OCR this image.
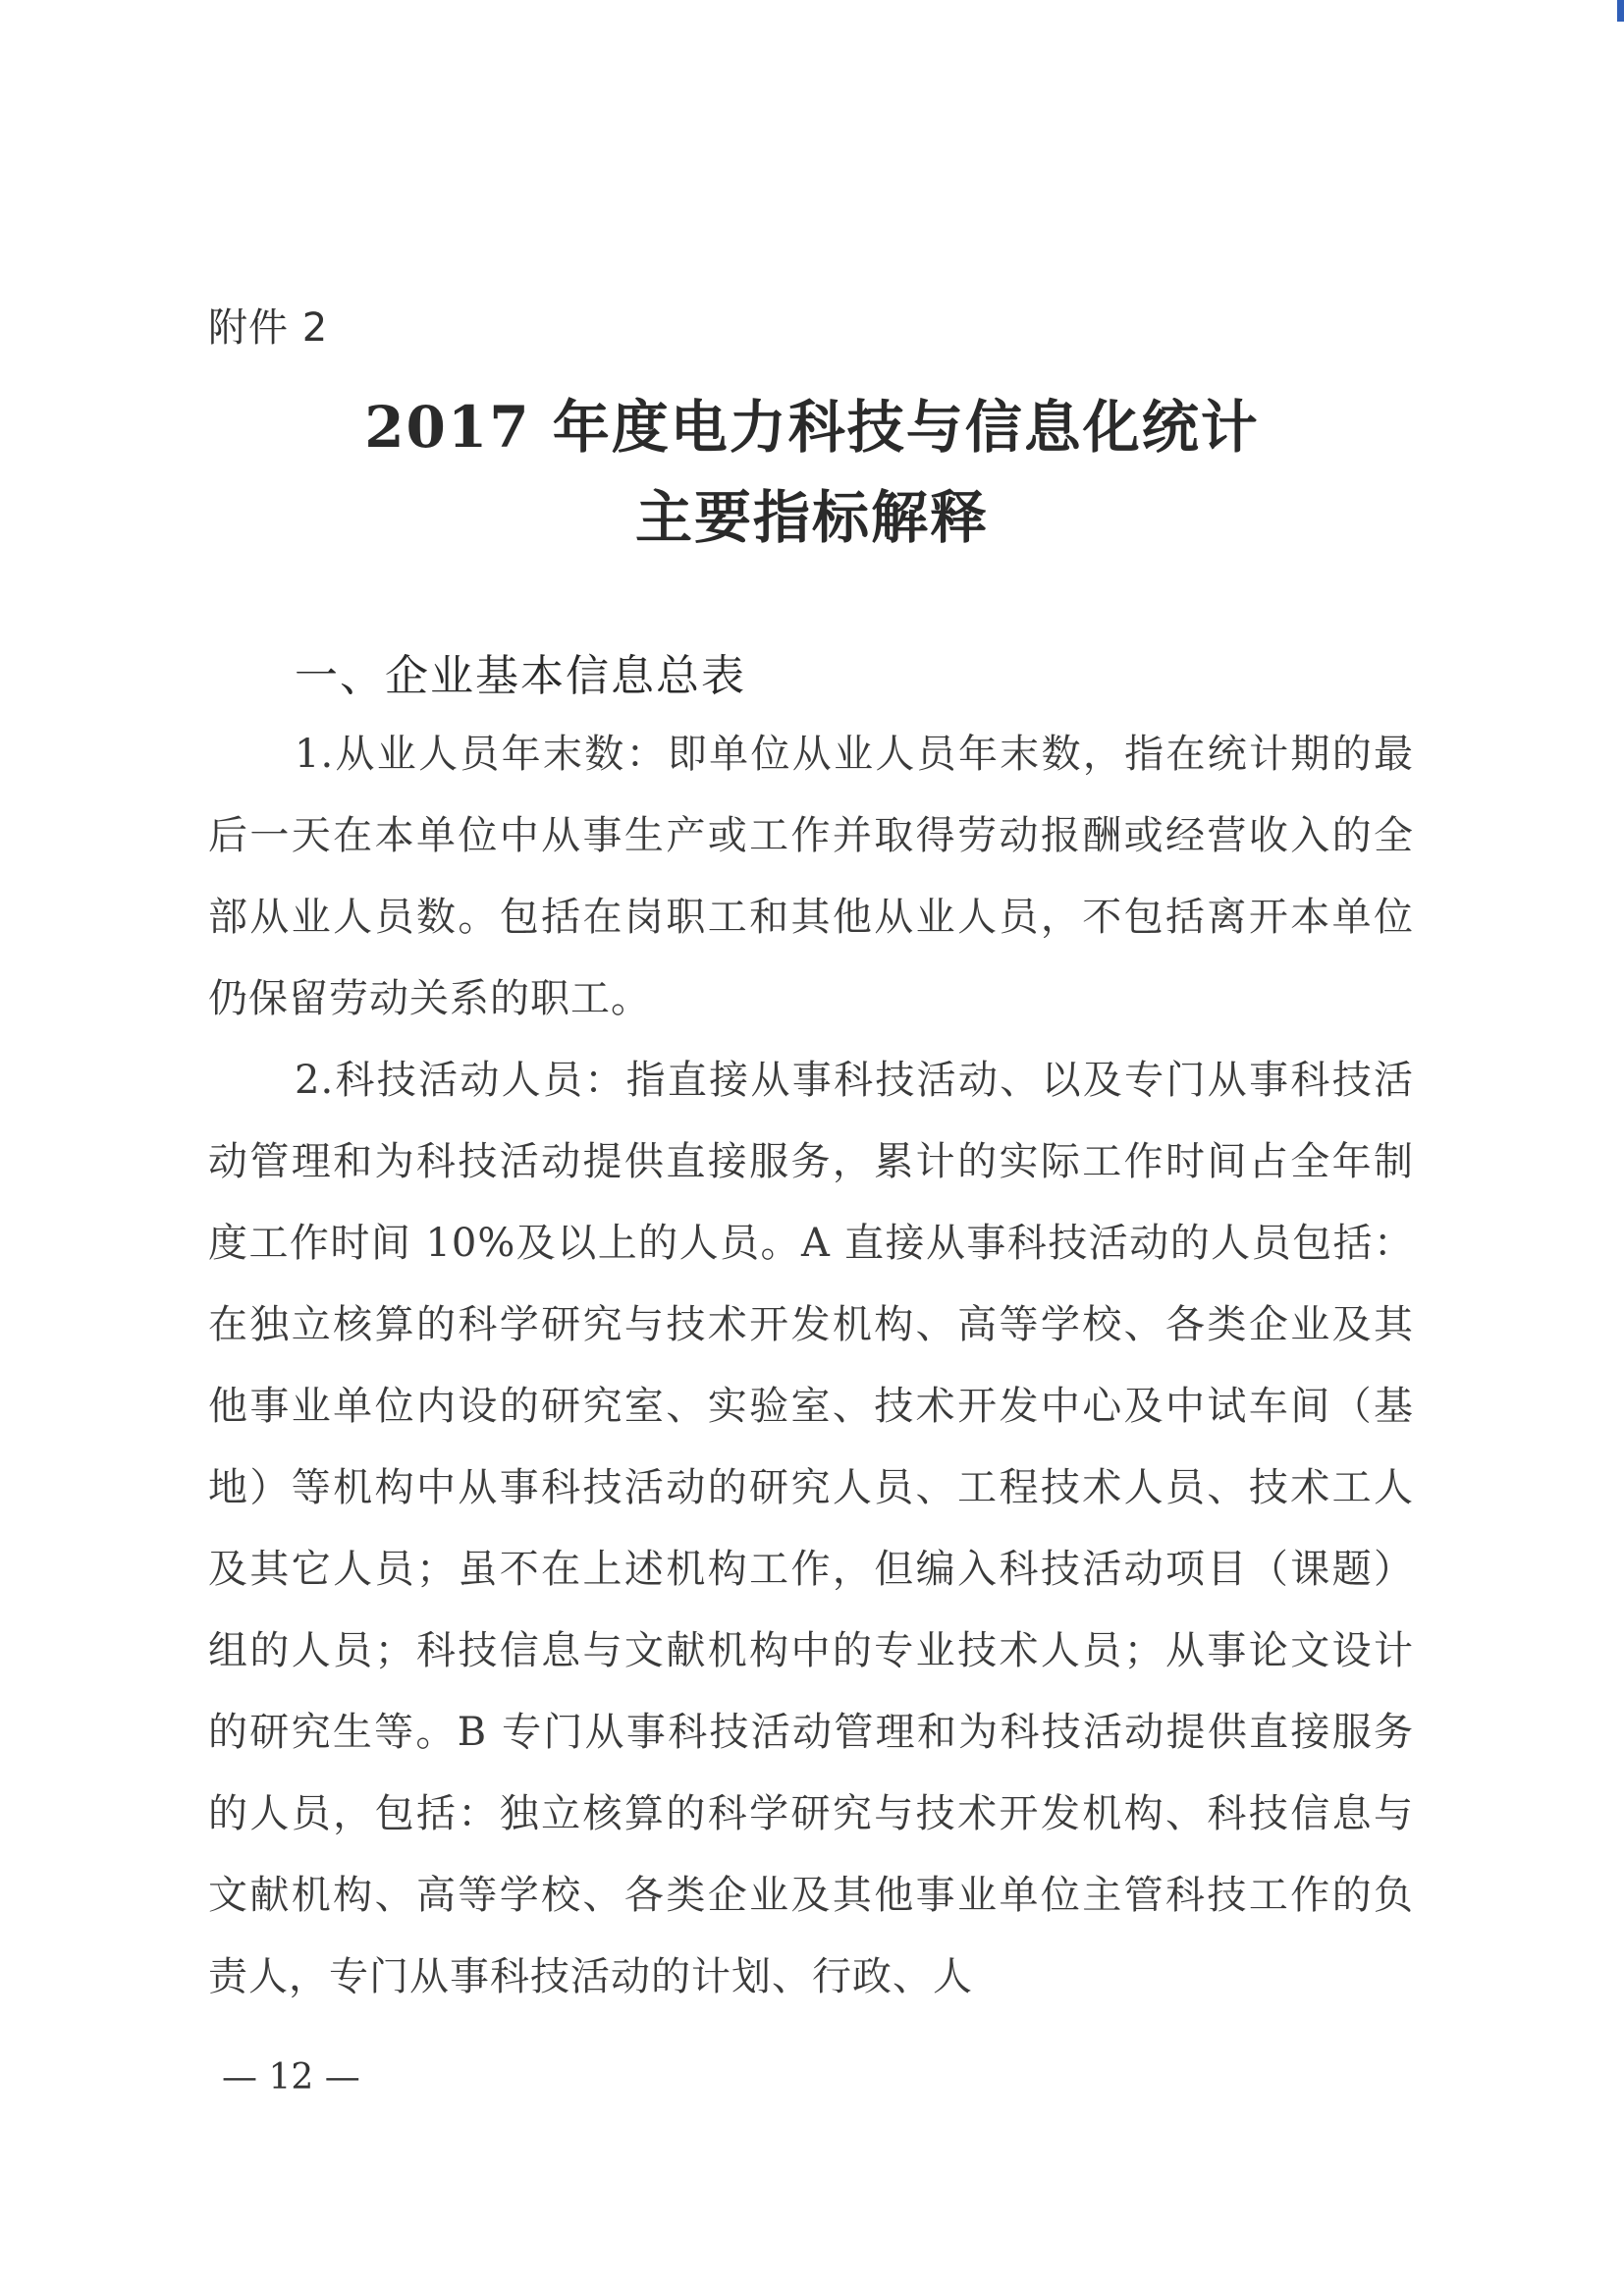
附件 2
2017 年度电力科技与信息化统计
主要指标解释
一、企业基本信息总表
1.从业人员年末数：即单位从业人员年末数，指在统计期的最后一天在本单位中从事生产或工作并取得劳动报酬或经营收入的全部从业人员数。包括在岗职工和其他从业人员，不包括离开本单位仍保留劳动关系的职工。
2.科技活动人员：指直接从事科技活动、以及专门从事科技活动管理和为科技活动提供直接服务，累计的实际工作时间占全年制度工作时间 10%及以上的人员。A 直接从事科技活动的人员包括：在独立核算的科学研究与技术开发机构、高等学校、各类企业及其他事业单位内设的研究室、实验室、技术开发中心及中试车间（基地）等机构中从事科技活动的研究人员、工程技术人员、技术工人及其它人员；虽不在上述机构工作，但编入科技活动项目（课题）组的人员；科技信息与文献机构中的专业技术人员；从事论文设计的研究生等。B 专门从事科技活动管理和为科技活动提供直接服务的人员，包括：独立核算的科学研究与技术开发机构、科技信息与文献机构、高等学校、各类企业及其他事业单位主管科技工作的负责人，专门从事科技活动的计划、行政、人
— 12 —
